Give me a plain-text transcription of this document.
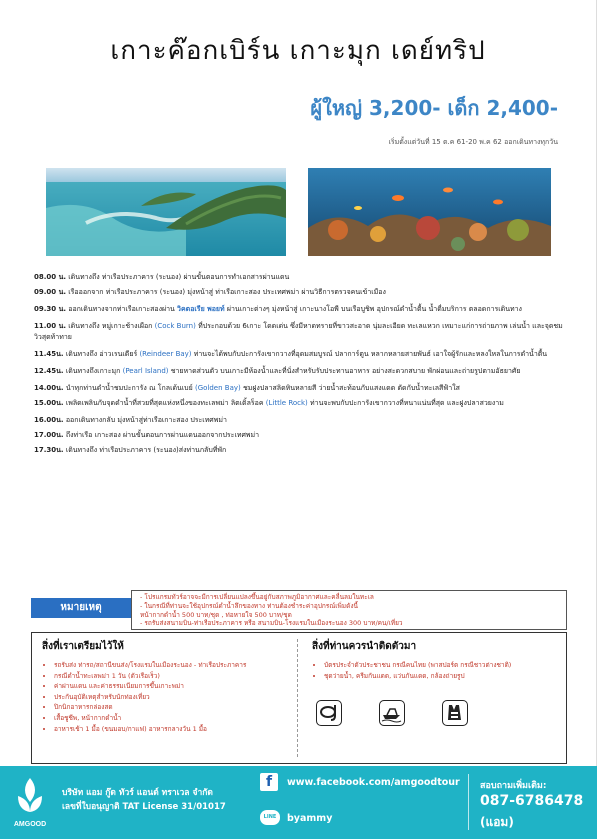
เกาะค๊อกเบิร์น เกาะมุก เดย์ทริป
ผู้ใหญ่ 3,200- เด็ก 2,400-
เริ่มตั้งแต่วันที่ 15 ต.ค 61-20 พ.ค 62 ออกเดินทางทุกวัน
08.00 น. เดินทางถึง ท่าเรือประภาคาร (ระนอง) ผ่านขั้นตอนการทำเอกสารผ่านแดน
09.00 น. เรือออกจาก ท่าเรือประภาคาร (ระนอง) มุ่งหน้าสู่ ท่าเรือเกาะสอง ประเทศพม่า ผ่านวิธีการตรวจคนเข้าเมือง
09.30 น. ออกเดินทางจากท่าเรือเกาะสองผ่าน วิคตอเรีย พอยท์ ผ่านเกาะต่างๆ มุ่งหน้าสู่ เกาะนางโอพี บนเรือบูชิพ อุปกรณ์ดำน้ำตื้น น้ำดื่มบริการ ตลอดการเดินทาง
11.00 น. เดินทางถึง หมู่เกาะช้างเผือก (Cock Burn) ที่ประกอบด้วย 6เกาะ โดดเด่น ซึ่งมีหาดทรายที่ขาวสะอาด นุ่มละเอียด ทะเลแหวก เหมาะแก่การถ่ายภาพ เล่นน้ำ และจุดชมวิวสุดท้าทาย
11.45น. เดินทางถึง อ่าวเรนเดียร์ (Reindeer Bay) ท่านจะได้พบกับปะการังเขากวางที่อุดมสมบูรณ์ ปลาการ์ตูน หลากหลายสายพันธ์ เอาใจผู้รักและหลงใหลในการดำน้ำตื้น
12.45น. เดินทางถึงเกาะมุก (Pearl Island) ชายหาดส่วนตัว บนเกาะมีห้องน้ำและที่นั่งสำหรับรับประทานอาหาร อย่างสะดวกสบาย พักผ่อนและถ่ายรูปตามอัธยาศัย
14.00น. นำทุกท่านดำน้ำชมปะการัง ณ โกลเด้นเบย์ (Golden Bay) ชมฝูงปลาสลิดหินหลายสี ว่ายน้ำสะท้อนกับแสงแดด ตัดกับน้ำทะเลสีฟ้าใส
15.00น. เพลิดเพลินกับจุดดำน้ำที่สวยที่สุดแห่งหนึ่งของทะเลพม่า ลิตเติ้ลร็อค (Little Rock) ท่านจะพบกับปะการังเขากวางที่หนาแน่นที่สุด และฝูงปลาสวยงาม
16.00น. ออกเดินทางกลับ มุ่งหน้าสู่ท่าเรือเกาะสอง ประเทศพม่า
17.00น. ถึงท่าเรือ เกาะสอง ผ่านขั้นตอนการผ่านแดนออกจากประเทศพม่า
17.30น. เดินทางถึง ท่าเรือประภาคาร (ระนอง)ส่งท่านกลับที่พัก
หมายเหตุ
- โปรแกรมทัวร์อาจจะมีการเปลี่ยนแปลงขึ้นอยู่กับสภาพภูมิอากาศและคลื่นลมในทะเล
- ในกรณีที่ท่านจะใช้อุปกรณ์ดำน้ำลึกของทาง ท่านต้องชำระค่าอุปกรณ์เพิ่มดังนี้
หน้ากากดำน้ำ 500 บาท/ชุด , ท่อหายใจ 500 บาท/ชุด
- รถรับส่งสนามบิน-ท่าเรือประภาคาร หรือ สนามบิน-โรงแรมในเมืองระนอง 300 บาท/คน/เที่ยว
สิ่งที่เราเตรียมไว้ให้
• รถรับส่ง ท่ารถ/สถานีขนส่ง/โรงแรมในเมืองระนอง - ท่าเรือประภาคาร
• กรณีดำน้ำทะเลพม่า 1 วัน (ตัวเรือเร็ว)
• ค่าผ่านแดน และค่าธรรมเนียมการขึ้นเกาะพม่า
• ประกันอุบัติเหตุสำหรับนักท่องเที่ยว
• ปิกนิกอาหารกล่องสด
• เสื้อชูชีพ, หน้ากากดำน้ำ
• อาหารเช้า 1 มื้อ (ขนมอบ/กาแฟ) อาหารกลางวัน 1 มื้อ
สิ่งที่ท่านควรนำติดตัวมา
• บัตรประจำตัวประชาชน กรณีคนไทย (พาสปอร์ต กรณีชาวต่างชาติ)
• ชุดว่ายน้ำ, ครีมกันแดด, แว่นกันแดด, กล้องถ่ายรูป
AMGOOD
บริษัท แอม กู๊ด ทัวร์ แอนด์ ทราเวล จำกัด
เลขที่ใบอนุญาติ TAT License 31/01017
f	www.facebook.com/amgoodtour
LINE	byammy
สอบถามเพิ่มเติม:
087-6786478
(แอม)
